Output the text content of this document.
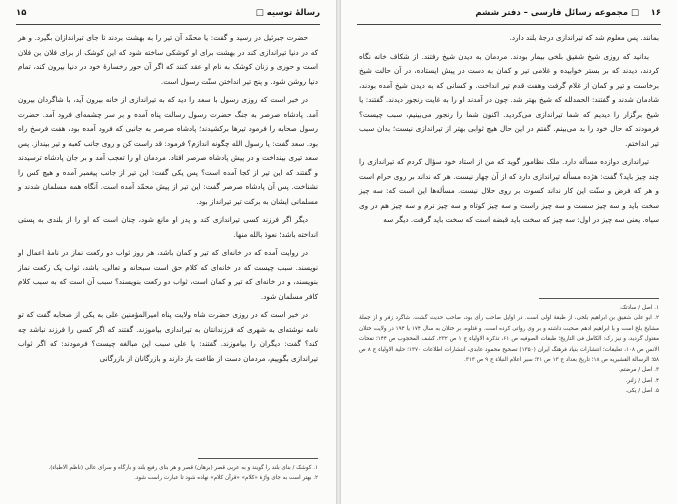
۱۵	رسالهٔ توسیه □

حضرت جبرئیل در رسید و گفت: یا محمّد آن تیر را به بهشت بردند تا جای تیراندازان بگیرد. و هر که در دنیا تیراندازی کند در بهشت برای او کوشکی ساخته شود که این کوشک از برای فلان بن فلان است و حوری و زنان کوشک به نام او عقد کنند که اگر آن حور رخسارهٔ خود در دنیا بیرون کند، تمام دنیا روشن شود. و پنج تیر انداختن سنّت رسول است.

در خبر است که روزی رسول با سعد را دید که به تیراندازی از خانه بیرون آید، با شاگردان بیرون آمد. پادشاه صرصر به جنگ حضرت رسول رسالت پناه آمده و بر سر چشمه‌ای فرود آمد. حضرت رسول صحابه را فرمود تیرها برکشیدند؛ پادشاه صرصر به جانبی که فرود آمده بود، هفت فرسخ راه بود. سعد گفت: یا رسول الله چگونه اندازم؟ فرمود: قد راست کن و روی جانب کعبه و تیر بینداز. پس سعد تیری بینداخت و در پیش پادشاه صرصر افتاد. مردمان او را تعجب آمد و بر جان پادشاه ترسیدند و گفتند که این تیر از کجا آمده است؟ پس یکی گفت: این تیر از جانب پیغمبر آمده و هیچ کس را نشناخت. پس آن پادشاه صرصر گفت: این تیر از پیش محمّد آمده است. آنگاه همه مسلمان شدند و مسلمانی ایشان به برکت تیر تیرانداز بود.

دیگر اگر فرزند کسی تیراندازی کند و پدر او مانع شود، چنان است که او را از بلندی به پستی انداخته باشد؛ نعوذ بالله منها.

در روایت آمده که در خانه‌ای که تیر و کمان باشد، هر روز ثواب دو رکعت نماز در نامهٔ اعمال او نویسند. سبب چیست که در خانه‌ای که کلام حق است سبحانه و تعالی، باشد، ثواب یک رکعت نماز بنویسند، و در خانه‌ای که تیر و کمان است، ثواب دو رکعت بنویسند؟ سبب آن است که به سبب کلام کافر مسلمان شود.

در خبر است که در روزی حضرت شاه ولایت پناه امیرالمؤمنین علی به یکی از صحابه گفت که تو نامه نوشته‌ای به شهری که فرزندانتان به تیراندازی بیاموزند. گفتند که اگر کسی را فرزند نباشد چه کند؟ گفت: دیگران را بیاموزند. گفتند: یا علی سبب این مبالغه چیست؟ فرمودند: که اگر ثواب تیراندازی بگوییم، مردمان دست از طاعت باز دارند و بازرگانان از بازرگانی

۱. کوشک / بنای بلند را گویند و به عربی قصر (برهان) قصر و هر بنای رفیع بلند و بارگاه و سرای عالی (ناظم الاطباء).
۲. بهتر است به جای واژهٔ «کلام» «قرآن کلام» نهاده شود تا عبارت راست شود.
۱۶
□ مجموعه رسائل فارسی – دفتر ششم

بمانند. پس معلوم شد که تیراندازی درجهٔ بلند دارد.

بدانید که روزی شیخ شقیق بلخی بیمار بودند. مردمان به دیدن شیخ رفتند. از شکاف خانه نگاه کردند، دیدند که بر بستر خوابیده و غلامی تیر و کمان به دست در پیش ایستاده، در آن حالت شیخ برخاست و تیر و کمان از غلام گرفت وهفت قدم تیر انداخت. و کسانی که به دیدن شیخ آمده بودند، شادمان شدند و گفتند: الحمدلله که شیخ بهتر شد. چون در آمدند او را به غایت رنجور دیدند. گفتند: یا شیخ برگزار را دیدیم که شما تیراندازی می‌کردید. اکنون شما را رنجور می‌بینیم، سبب چیست؟ فرمودند که حال خود را بد می‌بینم. گفتم در این حال هیچ ثوابی بهتر از تیراندازی نیست؛ بدان سبب تیر انداختم.

تیراندازی دوازده مسأله دارد. ملک نظامور گوید که من از استاد خود سؤال کردم که تیراندازی را چند چیز باید؟ گفت: هژده مسأله تیراندازی دارد که از آن چهار نیست. هر که نداند بر روی حرام است و هر که فرض و سنّت این کار نداند کسوت بر روی حلال نیست. مسأله‌ها این است که: سه چیز سخت باید و سه چیز سست و سه چیز راست و سه چیز کوتاه و سه چیز نرم و سه چیز هم در وی سیاه. یعنی سه چیز در اول: سه چیز که سخت باید قبضه است که سخت باید گرفت. دیگر سه

۱. اصل / سادتک.
۲. ابو علی شقیق بن ابراهیم بلخی، از طبقهٔ اولی است. در اوایل صاحب رأی بود، صاحب حدیث گشت. شاگرد زفر و از جملهٔ مشایخ بلخ است و با ابراهیم ادهم صحبت داشته و بر وی رواتی کرده است. و قتلوه، بر ختلان به سال ۱۷۴ یا ۱۹۴ در ولایت ختلان مقتول گردید، و نیز رک: الکامل فی التاریخ؛ طبقات الصوفیه ص ۶۱، تذکرة الاولیاء ج ۱ ص ۲۳۲، کشف المحجوب ص ۱۴۴؛ نفحات الانس ص ۱۰۸، تعلیقات؛ انتشارات بنیاد فرهنگ ایران (۱۳۵۰) تصحیح محمود عابدی، انتشارات اطلاعات ۱۳۷۰؛ حلیة الاولیاء ج ۸ ص ۵۸؛ الرسالة القشیریه ص ۱۸؛ تاریخ بغداد ج ۱۳ ص ۳۱؛ سیر اعلام النبلاء ج ۹ ص ۳۱۳.
۳. اصل / مرضتم.
۴. اصل / زلنر.
۵. اصل / یکی.
